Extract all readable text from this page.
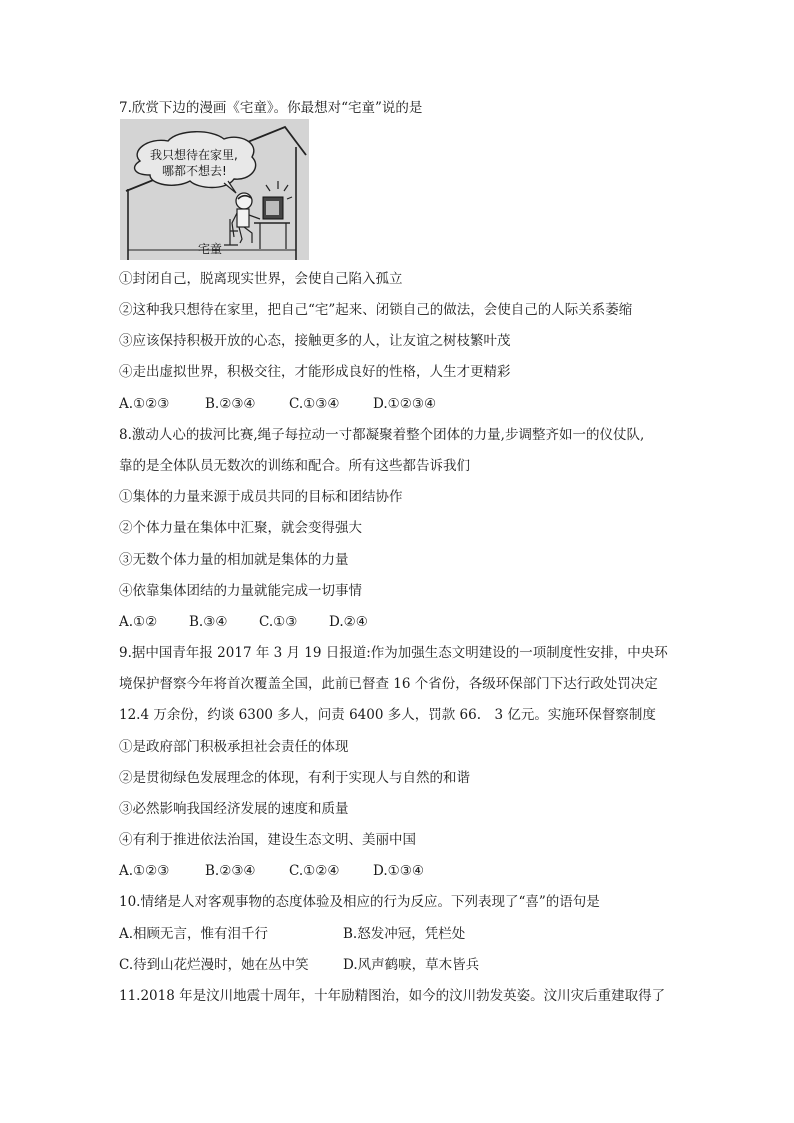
7.欣赏下边的漫画《宅童》。你最想对“宅童”说的是
我只想待在家里,
哪都不想去!
宅童
①封闭自己，脱离现实世界，会使自己陷入孤立
②这种我只想待在家里，把自己“宅”起来、闭锁自己的做法，会使自己的人际关系萎缩
③应该保持积极开放的心态，接触更多的人，让友谊之树枝繁叶茂
④走出虚拟世界，积极交往，才能形成良好的性格，人生才更精彩
A.①②③	B.②③④ C.①③④ D.①②③④
8.激动人心的拔河比赛,绳子每拉动一寸都凝聚着整个团体的力量,步调整齐如一的仪仗队,
靠的是全体队员无数次的训练和配合。所有这些都告诉我们
①集体的力量来源于成员共同的目标和团结协作
②个体力量在集体中汇聚，就会变得强大
③无数个体力量的相加就是集体的力量
④依靠集体团结的力量就能完成一切事情
A.①② B.③④ C.①③ D.②④
9.据中国青年报 2017 年 3 月 19 日报道:作为加强生态文明建设的一项制度性安排，中央环
境保护督察今年将首次覆盖全国，此前已督查 16 个省份，各级环保部门下达行政处罚决定
12.4 万余份，约谈 6300 多人，问责 6400 多人，罚款 66.　3 亿元。实施环保督察制度
①是政府部门积极承担社会责任的体现
②是贯彻绿色发展理念的体现，有利于实现人与自然的和谐
③必然影响我国经济发展的速度和质量
④有利于推进依法治国，建设生态文明、美丽中国
A.①②③	B.②③④ C.①②④ D.①③④
10.情绪是人对客观事物的态度体验及相应的行为反应。下列表现了“喜”的语句是
A.相顾无言，惟有泪千行	B.怒发冲冠，凭栏处
C.待到山花烂漫时，她在丛中笑	D.风声鹤唳，草木皆兵
11.2018 年是汶川地震十周年，十年励精图治，如今的汶川勃发英姿。汶川灾后重建取得了
